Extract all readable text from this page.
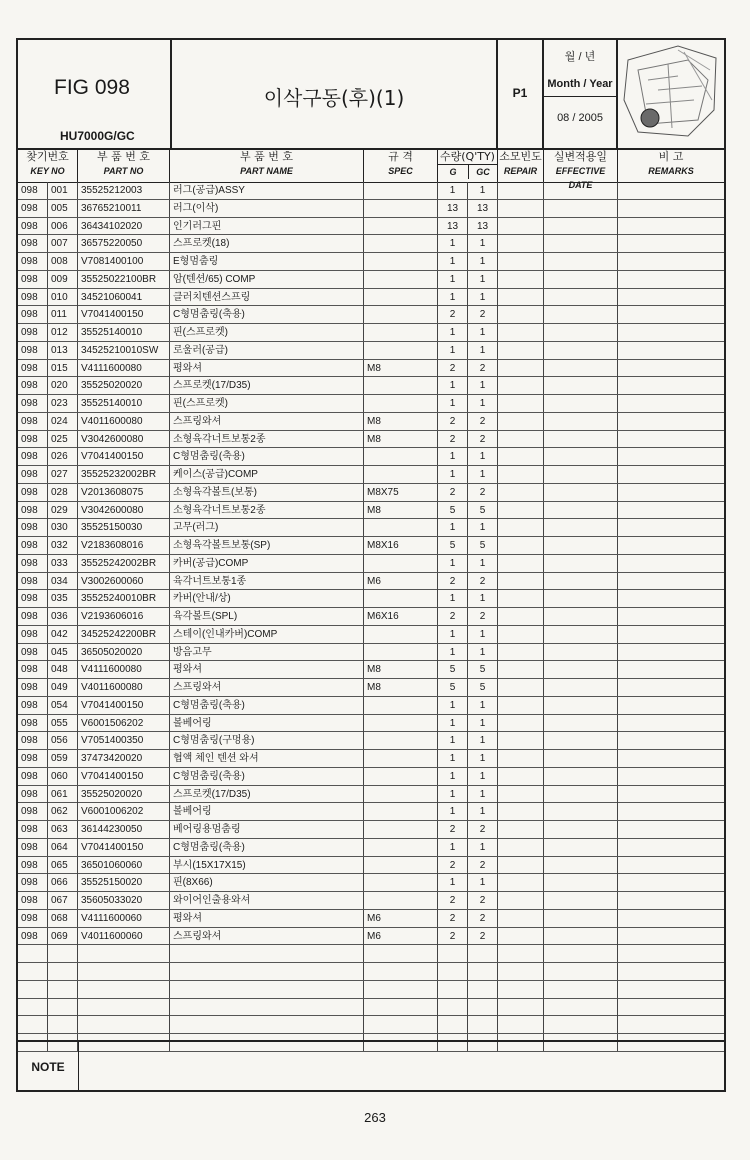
FIG 098
HU7000G/GC
이삭구동(후)(1)	P1
월 / 년
Month / Year
08 / 2005
찾기번호
KEY NO
부 품 번 호
PART NO
부 품 번 호
PART NAME
규 격
SPEC
수량(Q'TY)
G	GC
소모빈도
REPAIR
실변적용일
EFFECTIVE DATE
비 고
REMARKS
098	001	35525212003	러그(공급)ASSY	1	1
098	005	36765210011	러그(이삭)	13	13
098	006	36434102020	인기러그핀	13	13
098	007	36575220050	스프로켓(18)	1	1
098	008	V7081400100	E형멈춤링	1	1
098	009	35525022100BR	암(텐션/65) COMP	1	1
098	010	34521060041	클러치텐션스프링	1	1
098	011	V7041400150	C형멈춤링(축용)	2	2
098	012	35525140010	핀(스프로켓)	1	1
098	013	34525210010SW	로울러(공급)	1	1
098	015	V4111600080	평와셔	M8	2	2
098	020	35525020020	스프로켓(17/D35)	1	1
098	023	35525140010	핀(스프로켓)	1	1
098	024	V4011600080	스프링와셔	M8	2	2
098	025	V3042600080	소형육각너트보통2종	M8	2	2
098	026	V7041400150	C형멈춤링(축용)	1	1
098	027	35525232002BR	케이스(공급)COMP	1	1
098	028	V2013608075	소형육각볼트(보통)	M8X75	2	2
098	029	V3042600080	소형육각너트보통2종	M8	5	5
098	030	35525150030	고무(러그)	1	1
098	032	V2183608016	소형육각볼트보통(SP)	M8X16	5	5
098	033	35525242002BR	카버(공급)COMP	1	1
098	034	V3002600060	육각너트보통1종	M6	2	2
098	035	35525240010BR	카버(안내/상)	1	1
098	036	V2193606016	육각볼트(SPL)	M6X16	2	2
098	042	34525242200BR	스테이(인내카버)COMP	1	1
098	045	36505020020	방음고무	1	1
098	048	V4111600080	평와셔	M8	5	5
098	049	V4011600080	스프링와셔	M8	5	5
098	054	V7041400150	C형멈춤링(축용)	1	1
098	055	V6001506202	볼베어링	1	1
098	056	V7051400350	C형멈춤링(구멍용)	1	1
098	059	37473420020	협액 체인 텐션 와셔	1	1
098	060	V7041400150	C형멈춤링(축용)	1	1
098	061	35525020020	스프로켓(17/D35)	1	1
098	062	V6001006202	볼베어링	1	1
098	063	36144230050	베어링용멈춤링	2	2
098	064	V7041400150	C형멈춤링(축용)	1	1
098	065	36501060060	부시(15X17X15)	2	2
098	066	35525150020	핀(8X66)	1	1
098	067	35605033020	와이어인출용와셔	2	2
098	068	V4111600060	평와셔	M6	2	2
098	069	V4011600060	스프링와셔	M6	2	2
NOTE
263
